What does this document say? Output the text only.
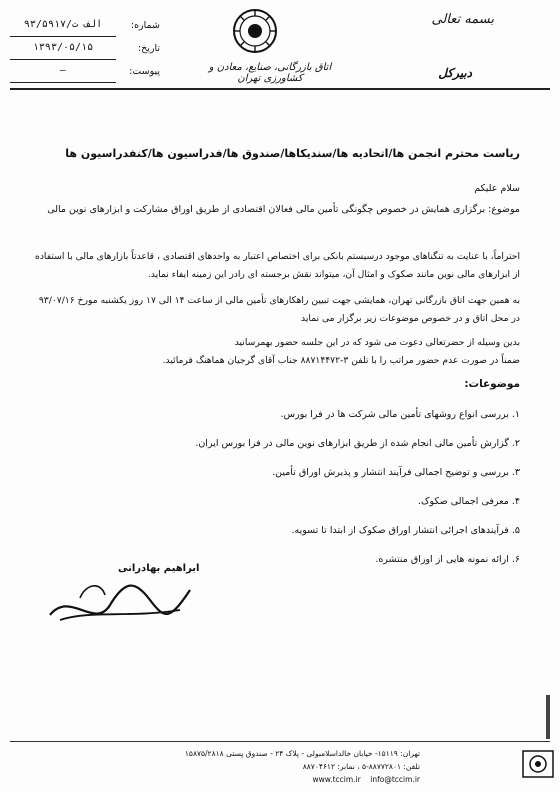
شماره:
۹۳/۵۹۱۷/الف ت
تاریخ:
۱۳۹۳/۰۵/۱۵
پیوست:
—	اتاق بازرگانی، صنایع، معادن و کشاورزی تهران
بسمه تعالی
دبیرکل
ریاست محترم انجمن ها/اتحادیه ها/سندیکاها/صندوق ها/فدراسیون ها/کنفدراسیون ها
سلام علیکم
موضوع: برگزاری همایش در خصوص چگونگی تأمین مالی فعالان اقتصادی از طریق اوراق مشارکت و ابزارهای نوین مالی
احتراماً، با عنایت به تنگناهای موجود درسیستم بانکی برای اختصاص اعتبار به واحدهای اقتصادی ، قاعدتاً بازارهای مالی با استفاده از ابزارهای مالی نوین مانند صکوک و امثال آن، میتواند نقش برجسته ای رادر این زمینه ایفاء نماید.
به همین جهت اتاق بازرگانی تهران، همایشی جهت تبیین راهکارهای تأمین مالی از ساعت ۱۴ الی ۱۷ روز یکشنبه مورخ ۹۳/۰۷/۱۶ در محل اتاق و در خصوص موضوعات زیر برگزار می نماید
بدین وسیله از حضرتعالی دعوت می شود که در این جلسه حضور بهمرسانید
ضمناً در صورت عدم حضور مراتب را با تلفن ۳-۸۸۷۱۴۴۷۲ جناب آقای گرجیان هماهنگ فرمائید.
موضوعات:
۱. بررسی انواع روشهای تأمین مالی شرکت ها در فرا بورس.
۲. گزارش تأمین مالی انجام شده از طریق ابزارهای نوین مالی در فرا بورس ایران.
۳. بررسی و توضیح اجمالی فرآیند انتشار و پذیرش اوراق تأمین.
۴. معرفی اجمالی صکوک.
۵. فرآیندهای اجرائی انتشار اوراق صکوک از ابتدا تا تسویه.
۶. ارائه نمونه هایی از اوراق منتشره.
ابراهیم بهادرانی
تهران: ۱۵۱۱۹- خیابان خالداسلامبولی - پلاک ۲۴ - صندوق پستی ۱۵۸۷۵/۲۸۱۸
تلفن: ۸۸۷۷۲۸۰۱-۵ ، نمابر: ۸۸۷۰۴۶۱۲
www.tccim.ir info@tccim.ir
